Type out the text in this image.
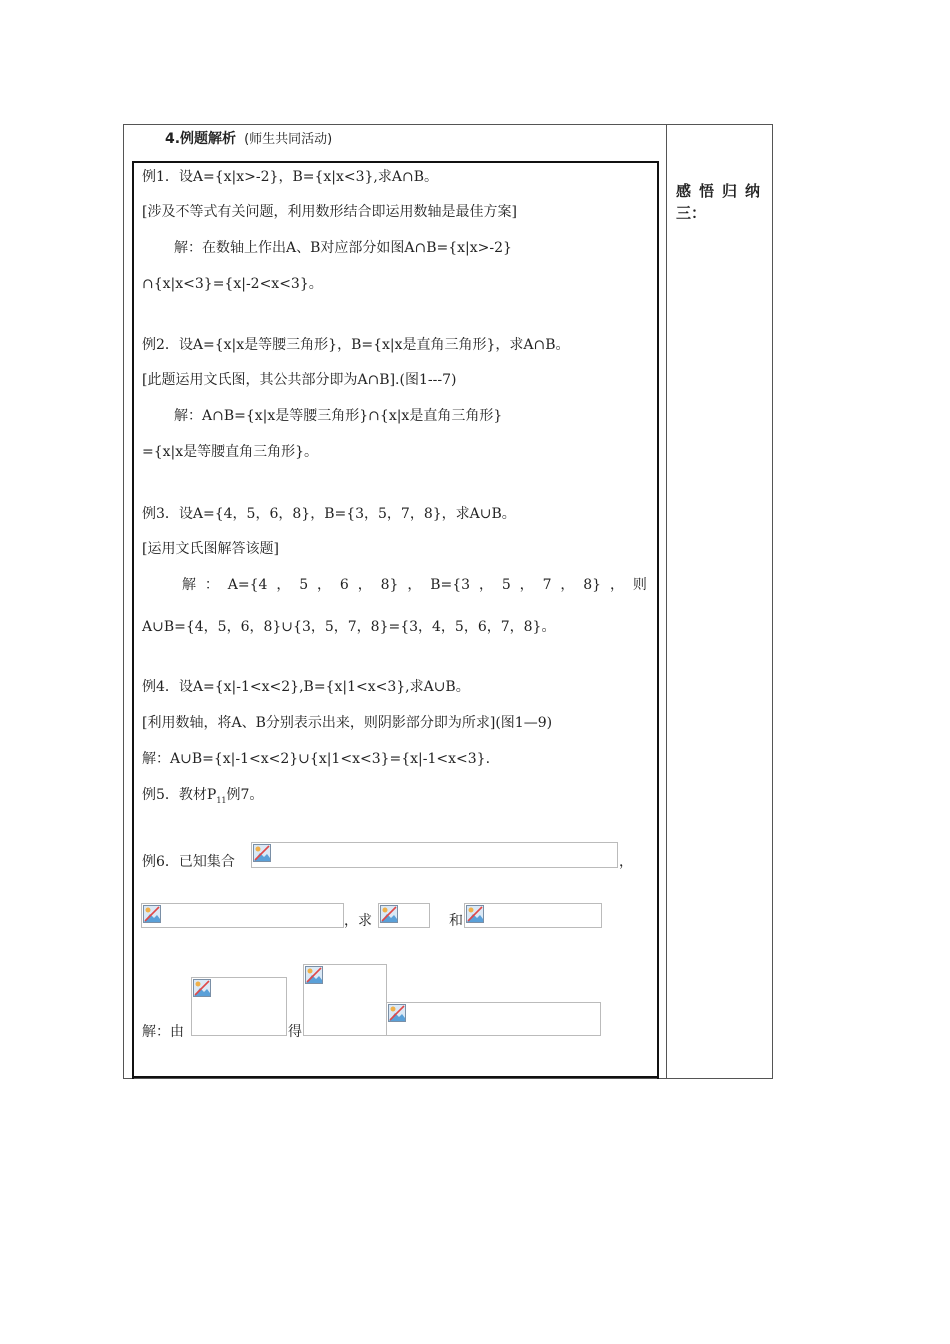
4.例题解析 (师生共同活动)
感悟归纳
三：
例1．设A={x|x>-2}，B={x|x<3},求A∩B。
[涉及不等式有关问题，利用数形结合即运用数轴是最佳方案]
解：在数轴上作出A、B对应部分如图A∩B={x|x>-2}
∩{x|x<3}={x|-2<x<3}。
例2．设A={x|x是等腰三角形}，B={x|x是直角三角形}，求A∩B。
[此题运用文氏图，其公共部分即为A∩B].(图1---7)
解：A∩B={x|x是等腰三角形}∩{x|x是直角三角形}
={x|x是等腰直角三角形}。
例3．设A={4，5，6，8}，B={3，5，7，8}，求A∪B。
[运用文氏图解答该题]
解 ： A={4 ， 5 ， 6 ， 8} ， B={3 ， 5 ， 7 ， 8} ， 则
A∪B={4，5，6，8}∪{3，5，7，8}={3，4，5，6，7，8}。
例4．设A={x|-1<x<2},B={x|1<x<3},求A∪B。
[利用数轴，将A、B分别表示出来，则阴影部分即为所求](图1—9)
解：A∪B={x|-1<x<2}∪{x|1<x<3}={x|-1<x<3}.
例5．教材$P_{11}$例7。
例6．已知集合	，
，求	和
解：由	得
